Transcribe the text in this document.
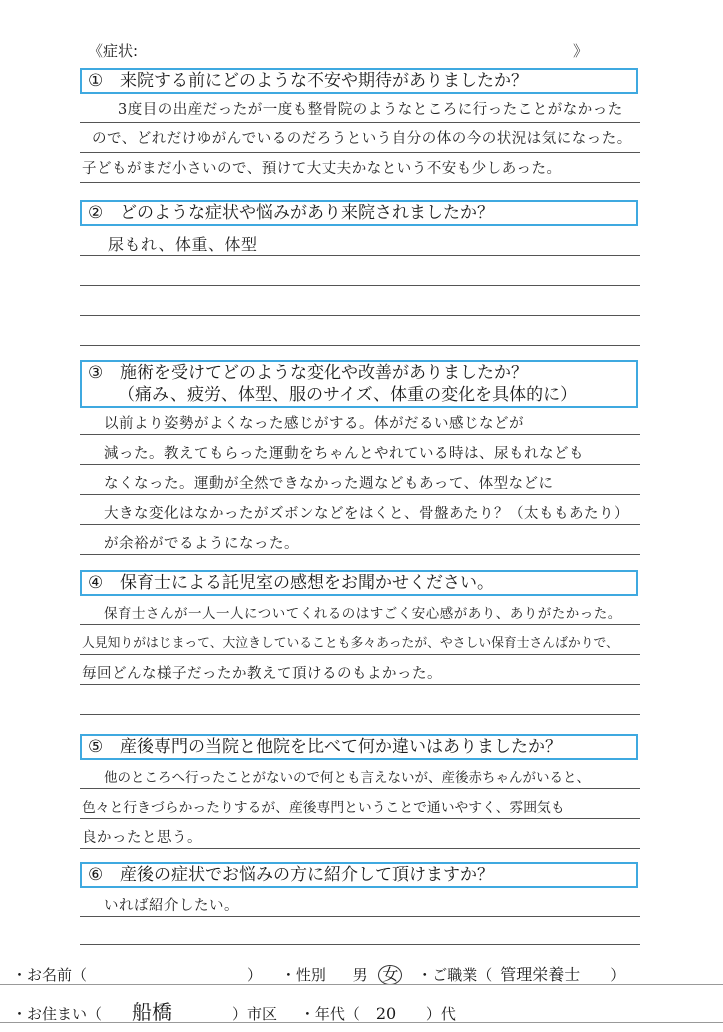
《症状:	》
① 来院する前にどのような不安や期待がありましたか？
3度目の出産だったが一度も整骨院のようなところに行ったことがなかった
ので、どれだけゆがんでいるのだろうという自分の体の今の状況は気になった。
子どもがまだ小さいので、預けて大丈夫かなという不安も少しあった。
② どのような症状や悩みがあり来院されましたか？
尿もれ、体重、体型
③ 施術を受けてどのような変化や改善がありましたか？
（痛み、疲労、体型、服のサイズ、体重の変化を具体的に）
以前より姿勢がよくなった感じがする。体がだるい感じなどが
減った。教えてもらった運動をちゃんとやれている時は、尿もれなども
なくなった。運動が全然できなかった週などもあって、体型などに
大きな変化はなかったがズボンなどをはくと、骨盤あたり？（太ももあたり）
が余裕がでるようになった。
④ 保育士による託児室の感想をお聞かせください。
保育士さんが一人一人についてくれるのはすごく安心感があり、ありがたかった。
人見知りがはじまって、大泣きしていることも多々あったが、やさしい保育士さんばかりで、
毎回どんな様子だったか教えて頂けるのもよかった。
⑤ 産後専門の当院と他院を比べて何か違いはありましたか？
他のところへ行ったことがないので何とも言えないが、産後赤ちゃんがいると、
色々と行きづらかったりするが、産後専門ということで通いやすく、雰囲気も
良かったと思う。
⑥ 産後の症状でお悩みの方に紹介して頂けますか？
いれば紹介したい。
・お名前（	） ・性別 男 女 ・ご職業（ 管理栄養士 ）
・お住まい（ 船橋	）市区 ・年代（ 20 ）代
